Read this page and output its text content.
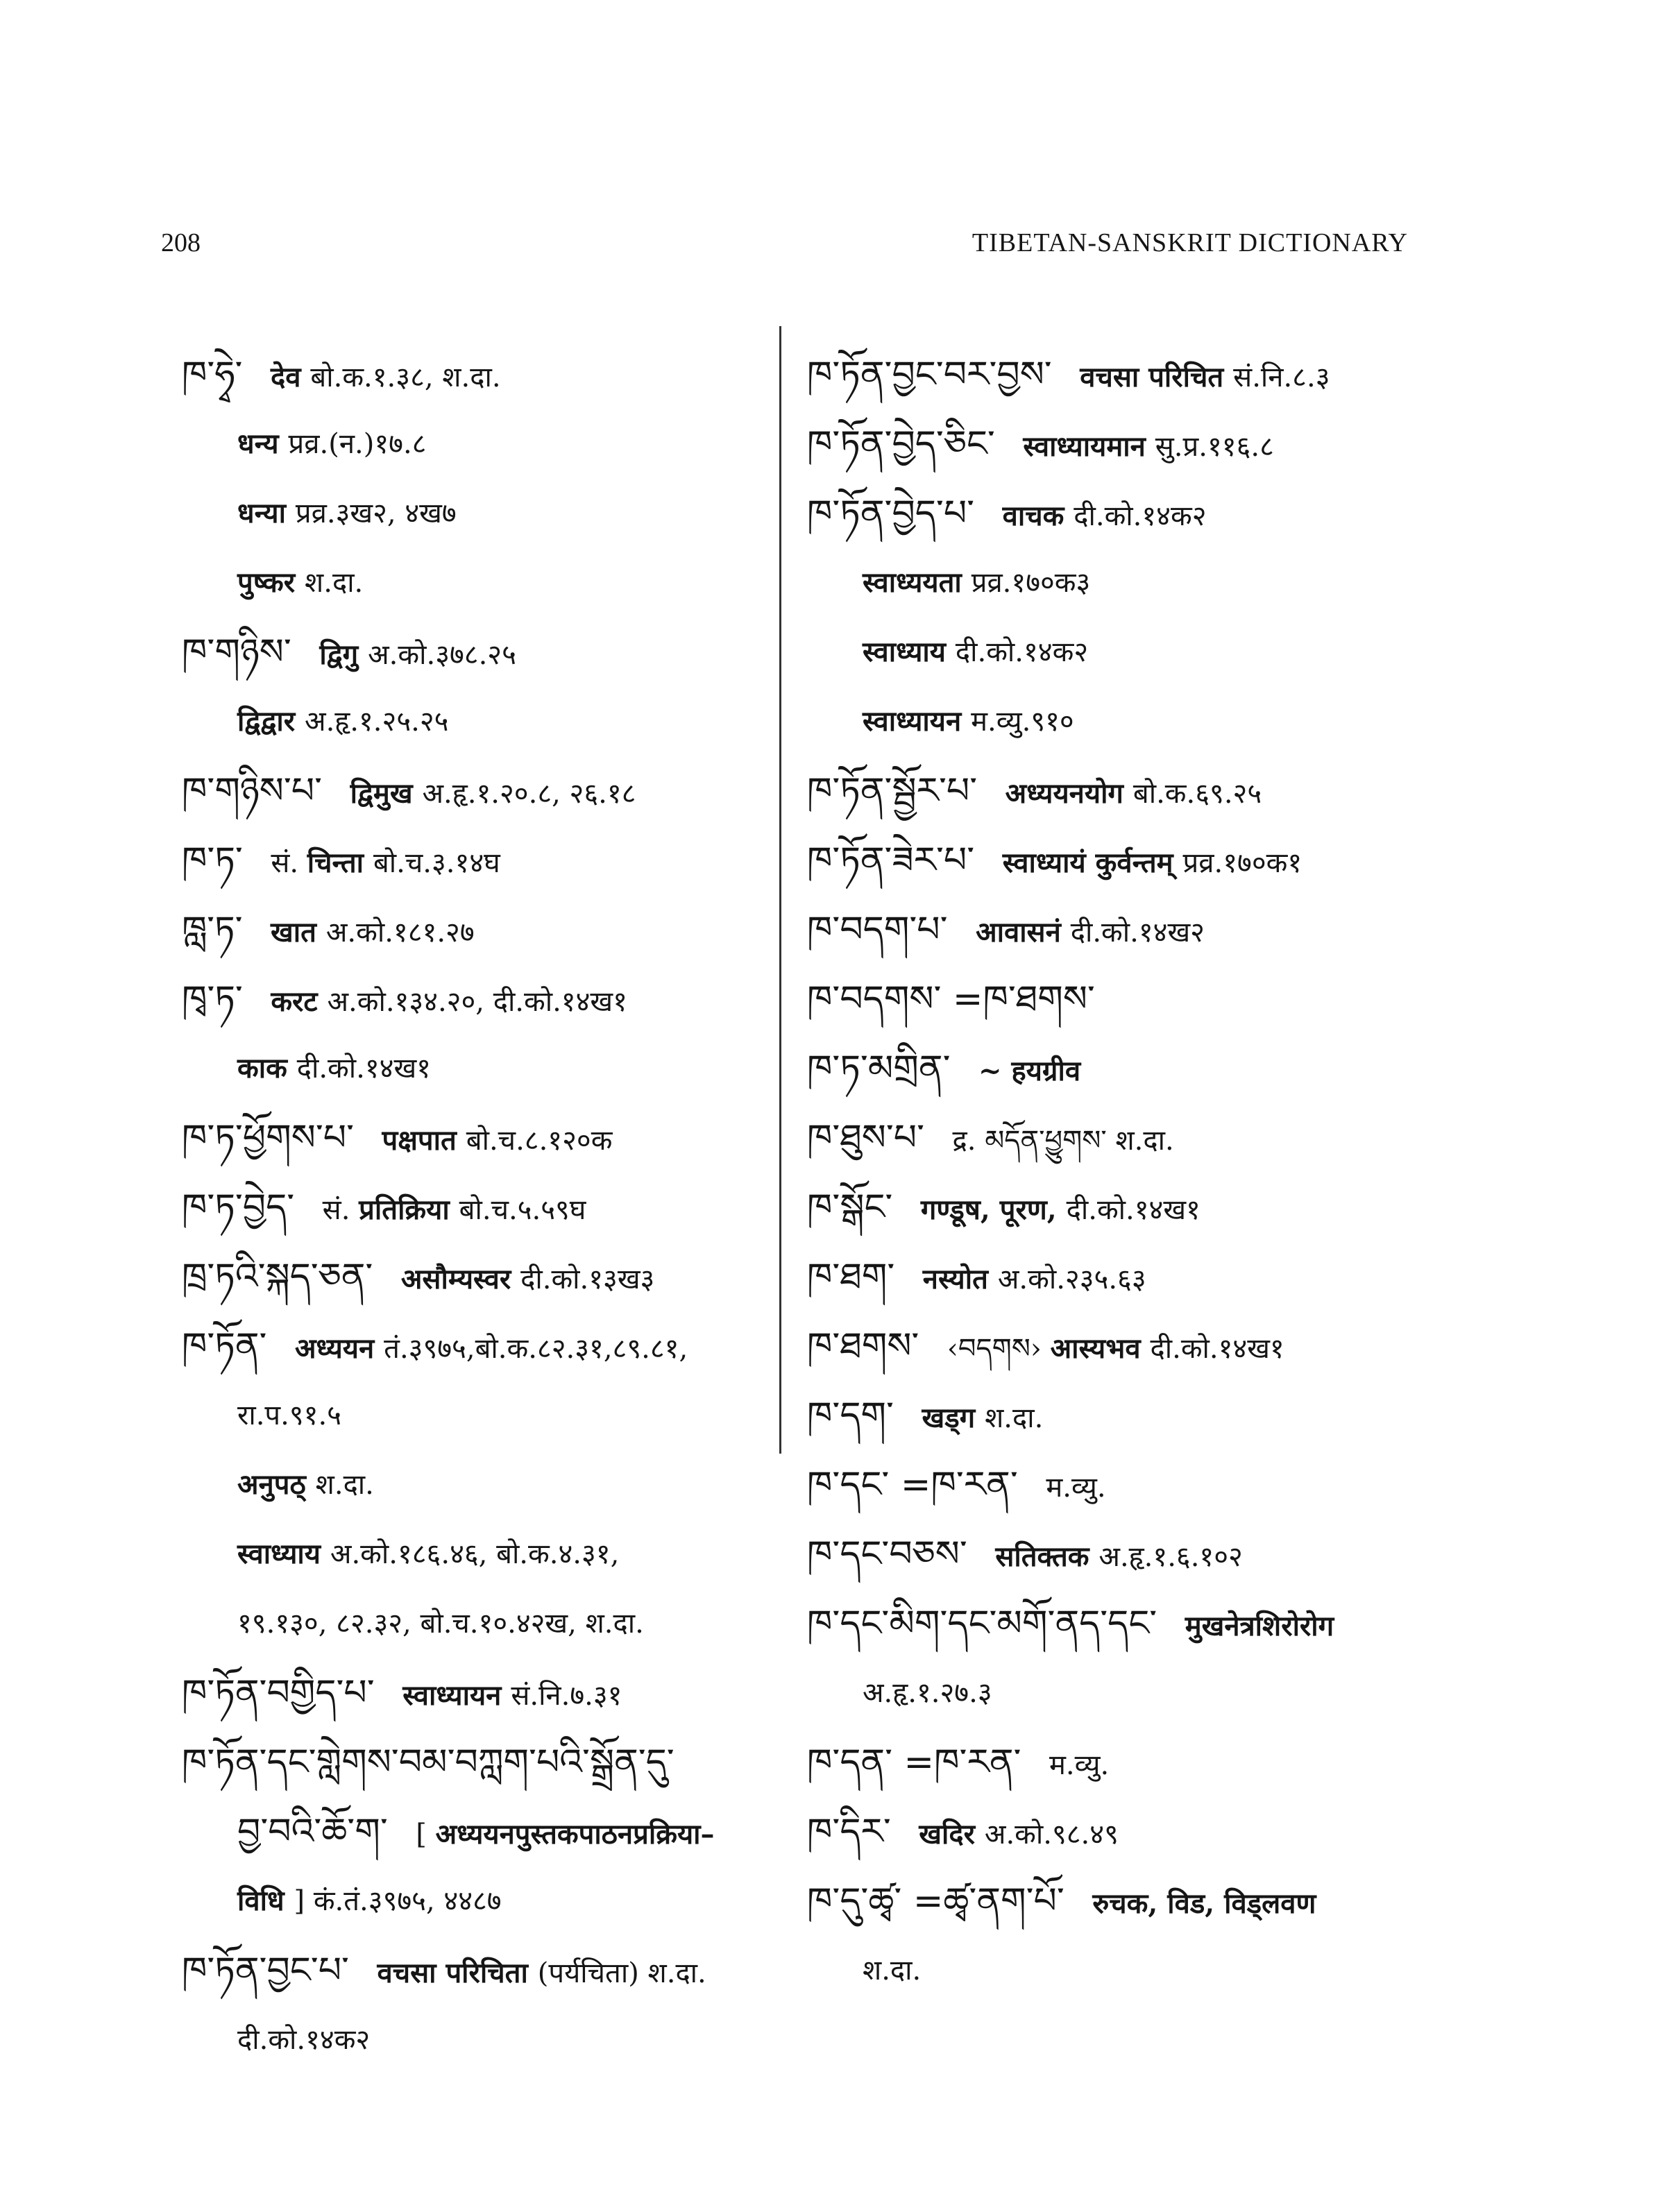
208	TIBETAN-SANSKRIT DICTIONARY
ཁ་ཧྭེ་ देव बो.क.१.३८, श.दा.
धन्य प्रव्र.(न.)१७.८
धन्या प्रव्र.३ख२, ४ख७
पुष्कर श.दा.
ཁ་གཉིས་ द्विगु अ.को.३७८.२५
द्विद्वार अ.हृ.१.२५.२५
ཁ་གཉིས་པ་ द्विमुख अ.हृ.१.२०.८, २६.१८
ཁ་ཏ་ सं. चिन्ता बो.च.३.१४घ
ཁླ་ཏ་ खात अ.को.१८१.२७
ཁྭ་ཏ་ करट अ.को.१३४.२०, दी.को.१४ख१
काक दी.को.१४ख१
ཁ་ཏ་ཕྱོགས་པ་ पक्षपात बो.च.८.१२०क
ཁ་ཏ་བྱེད་ सं. प्रतिक्रिया बो.च.५.५९घ
ཁྲ་ཏའི་སྐད་ཅན་ असौम्यस्वर दी.को.१३ख३
ཁ་ཏོན་ अध्ययन तं.३९७५,बो.क.८२.३१,८९.८१,
रा.प.९१.५
अनुपठ् श.दा.
स्वाध्याय अ.को.१८६.४६, बो.क.४.३१,
१९.१३०, ८२.३२, बो.च.१०.४२ख, श.दा.
ཁ་ཏོན་བགྱིད་པ་ स्वाध्यायन सं.नि.७.३१
ཁ་ཏོན་དང་གླེགས་བམ་བཀླག་པའི་སྒྲོན་དུ་
བྱ་བའི་ཆོ་ག་ [ अध्ययनपुस्तकपाठनप्रक्रिया–
विधि ] कं.तं.३९७५, ४४८७
ཁ་ཏོན་བྱང་པ་ वचसा परिचिता (पर्यचिता) श.दा.
दी.को.१४क२
ཁ་ཏོན་བྱང་བར་བྱས་ वचसा परिचित सं.नि.८.३
ཁ་ཏོན་བྱེད་ཅིང་ स्वाध्यायमान सु.प्र.११६.८
ཁ་ཏོན་བྱེད་པ་ वाचक दी.को.१४क२
स्वाध्ययता प्रव्र.१७०क३
स्वाध्याय दी.को.१४क२
स्वाध्यायन म.व्यु.९१०
ཁ་ཏོན་སྦྱོར་པ་ अध्ययनयोग बो.क.६९.२५
ཁ་ཏོན་ཟེར་པ་ स्वाध्यायं कुर्वन्तम् प्रव्र.१७०क१
ཁ་བདག་པ་ आवासनं दी.को.१४ख२
ཁ་བདགས་ =ཁ་ཐགས་
ཁ་ཏ་མགྲིན་ ~ हयग्रीव
ཁ་ཐུས་པ་ द्र. མདོན་ཕྱུགས་ श.दा.
ཁ་སྒོང་ गण्डूष, पूरण, दी.को.१४ख१
ཁ་ཐག་ नस्योत अ.को.२३५.६३
ཁ་ཐགས་ ‹བདགས› आस्यभव दी.को.१४ख१
ཁ་དག་ खड्ग श.दा.
ཁ་དང་ =ཁ་རན་ म.व्यु.
ཁ་དང་བཅས་ सतिक्तक अ.हृ.१.६.१०२
ཁ་དང་མིག་དང་མགོ་ནད་དང་ मुखनेत्रशिरोरोग
अ.हृ.१.२७.३
ཁ་དན་ =ཁ་རན་ म.व्यु.
ཁ་དིར་ खदिर अ.को.९८.४९
ཁ་དུ་ཚྭ་ =ཚྭ་ནག་པོ་ रुचक, विड, विड्लवण
श.दा.
